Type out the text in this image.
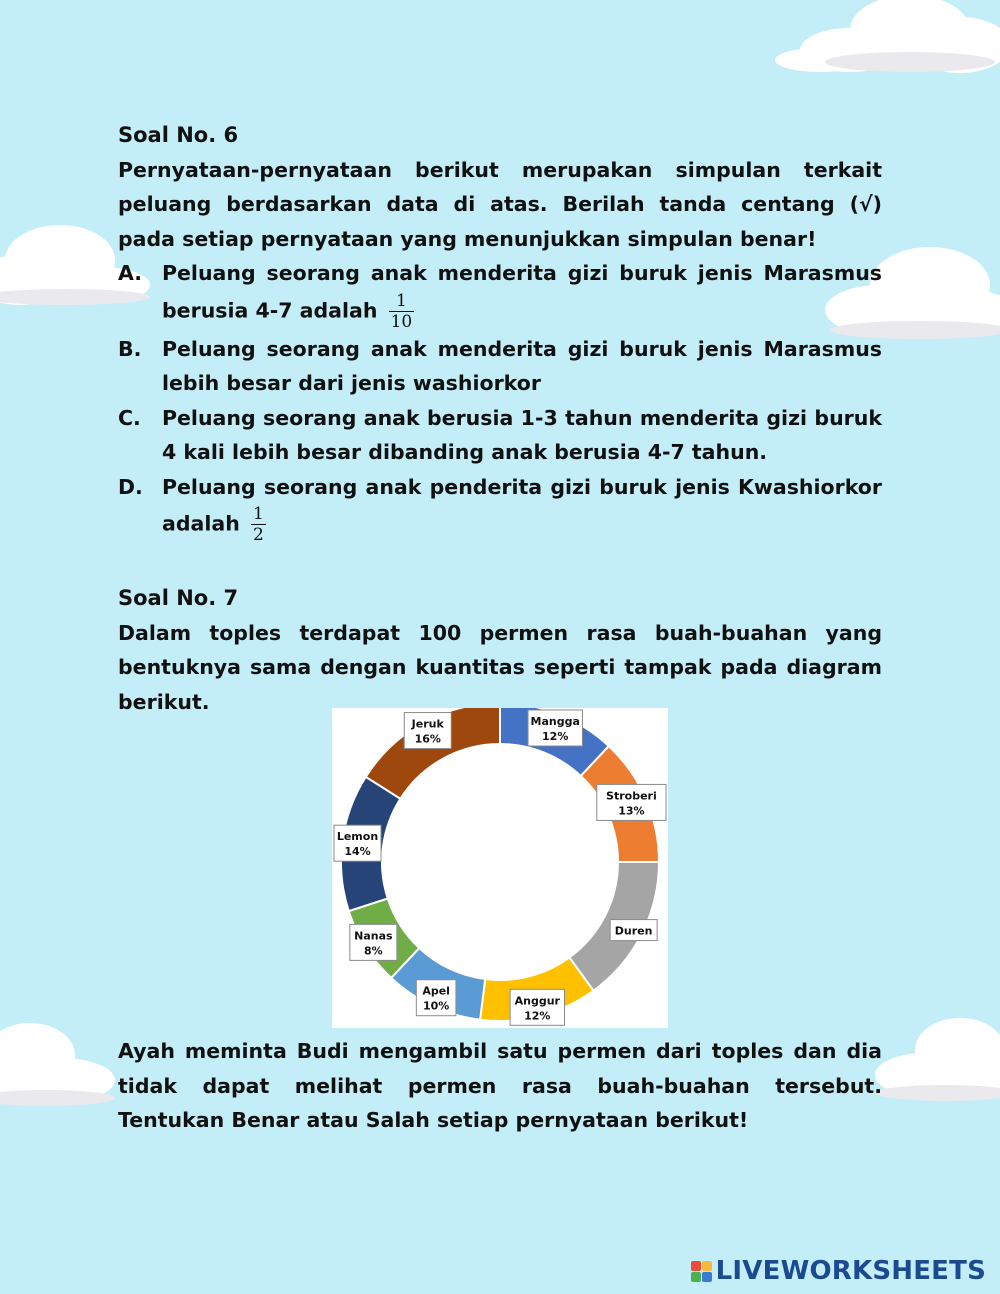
Soal No. 6

Pernyataan-pernyataan berikut merupakan simpulan terkait peluang berdasarkan data di atas. Berilah tanda centang (√) pada setiap pernyataan yang menunjukkan simpulan benar!

A. Peluang seorang anak menderita gizi buruk jenis Marasmus berusia 4-7 adalah $\frac{1}{10}$
B.	Peluang seorang anak menderita gizi buruk jenis Marasmus lebih besar dari jenis washiorkor
C.	Peluang seorang anak berusia 1-3 tahun menderita gizi buruk 4 kali lebih besar dibanding anak berusia 4-7 tahun.
D. Peluang seorang anak penderita gizi buruk jenis Kwashiorkor adalah $\frac{1}{2}$

Soal No. 7

Dalam toples terdapat 100 permen rasa buah-buahan yang bentuknya sama dengan kuantitas seperti tampak pada diagram berikut.

Mangga
12%
Stroberi
13%
Duren
Anggur
12%
Apel
10%
Nanas
8%
Lemon
14%
Jeruk
16%

Ayah meminta Budi mengambil satu permen dari toples dan dia tidak dapat melihat permen rasa buah-buahan tersebut. Tentukan Benar atau Salah setiap pernyataan berikut!

LIVEWORKSHEETS
